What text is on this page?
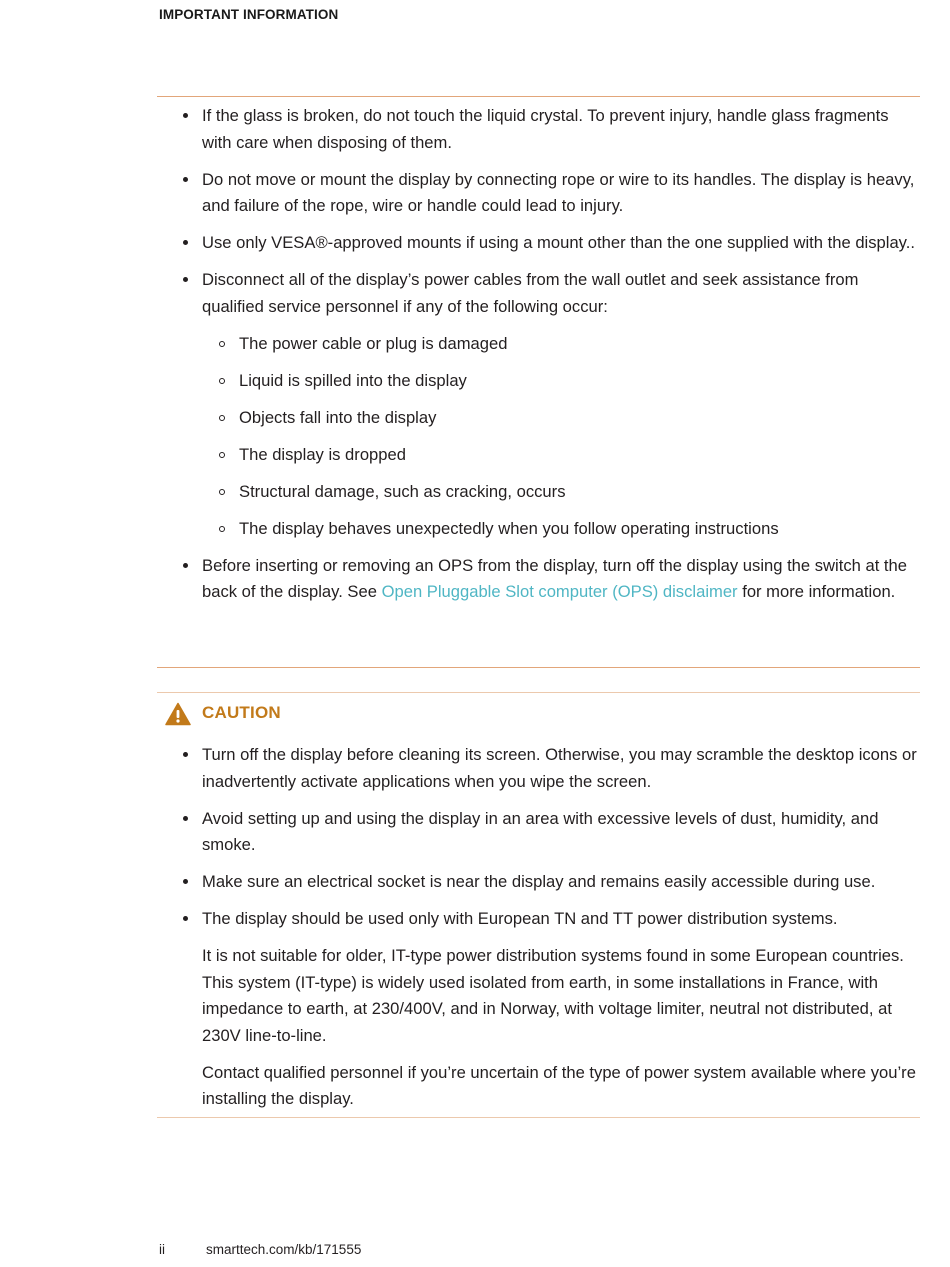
IMPORTANT INFORMATION
If the glass is broken, do not touch the liquid crystal. To prevent injury, handle glass fragments with care when disposing of them.
Do not move or mount the display by connecting rope or wire to its handles. The display is heavy, and failure of the rope, wire or handle could lead to injury.
Use only VESA®-approved mounts if using a mount other than the one supplied with the display..
Disconnect all of the display’s power cables from the wall outlet and seek assistance from qualified service personnel if any of the following occur:
The power cable or plug is damaged
Liquid is spilled into the display
Objects fall into the display
The display is dropped
Structural damage, such as cracking, occurs
The display behaves unexpectedly when you follow operating instructions
Before inserting or removing an OPS from the display, turn off the display using the switch at the back of the display. See Open Pluggable Slot computer (OPS) disclaimer for more information.
CAUTION
Turn off the display before cleaning its screen. Otherwise, you may scramble the desktop icons or inadvertently activate applications when you wipe the screen.
Avoid setting up and using the display in an area with excessive levels of dust, humidity, and smoke.
Make sure an electrical socket is near the display and remains easily accessible during use.
The display should be used only with European TN and TT power distribution systems.

It is not suitable for older, IT-type power distribution systems found in some European countries. This system (IT-type) is widely used isolated from earth, in some installations in France, with impedance to earth, at 230/400V, and in Norway, with voltage limiter, neutral not distributed, at 230V line-to-line.

Contact qualified personnel if you’re uncertain of the type of power system available where you’re installing the display.

ii	smarttech.com/kb/171555
